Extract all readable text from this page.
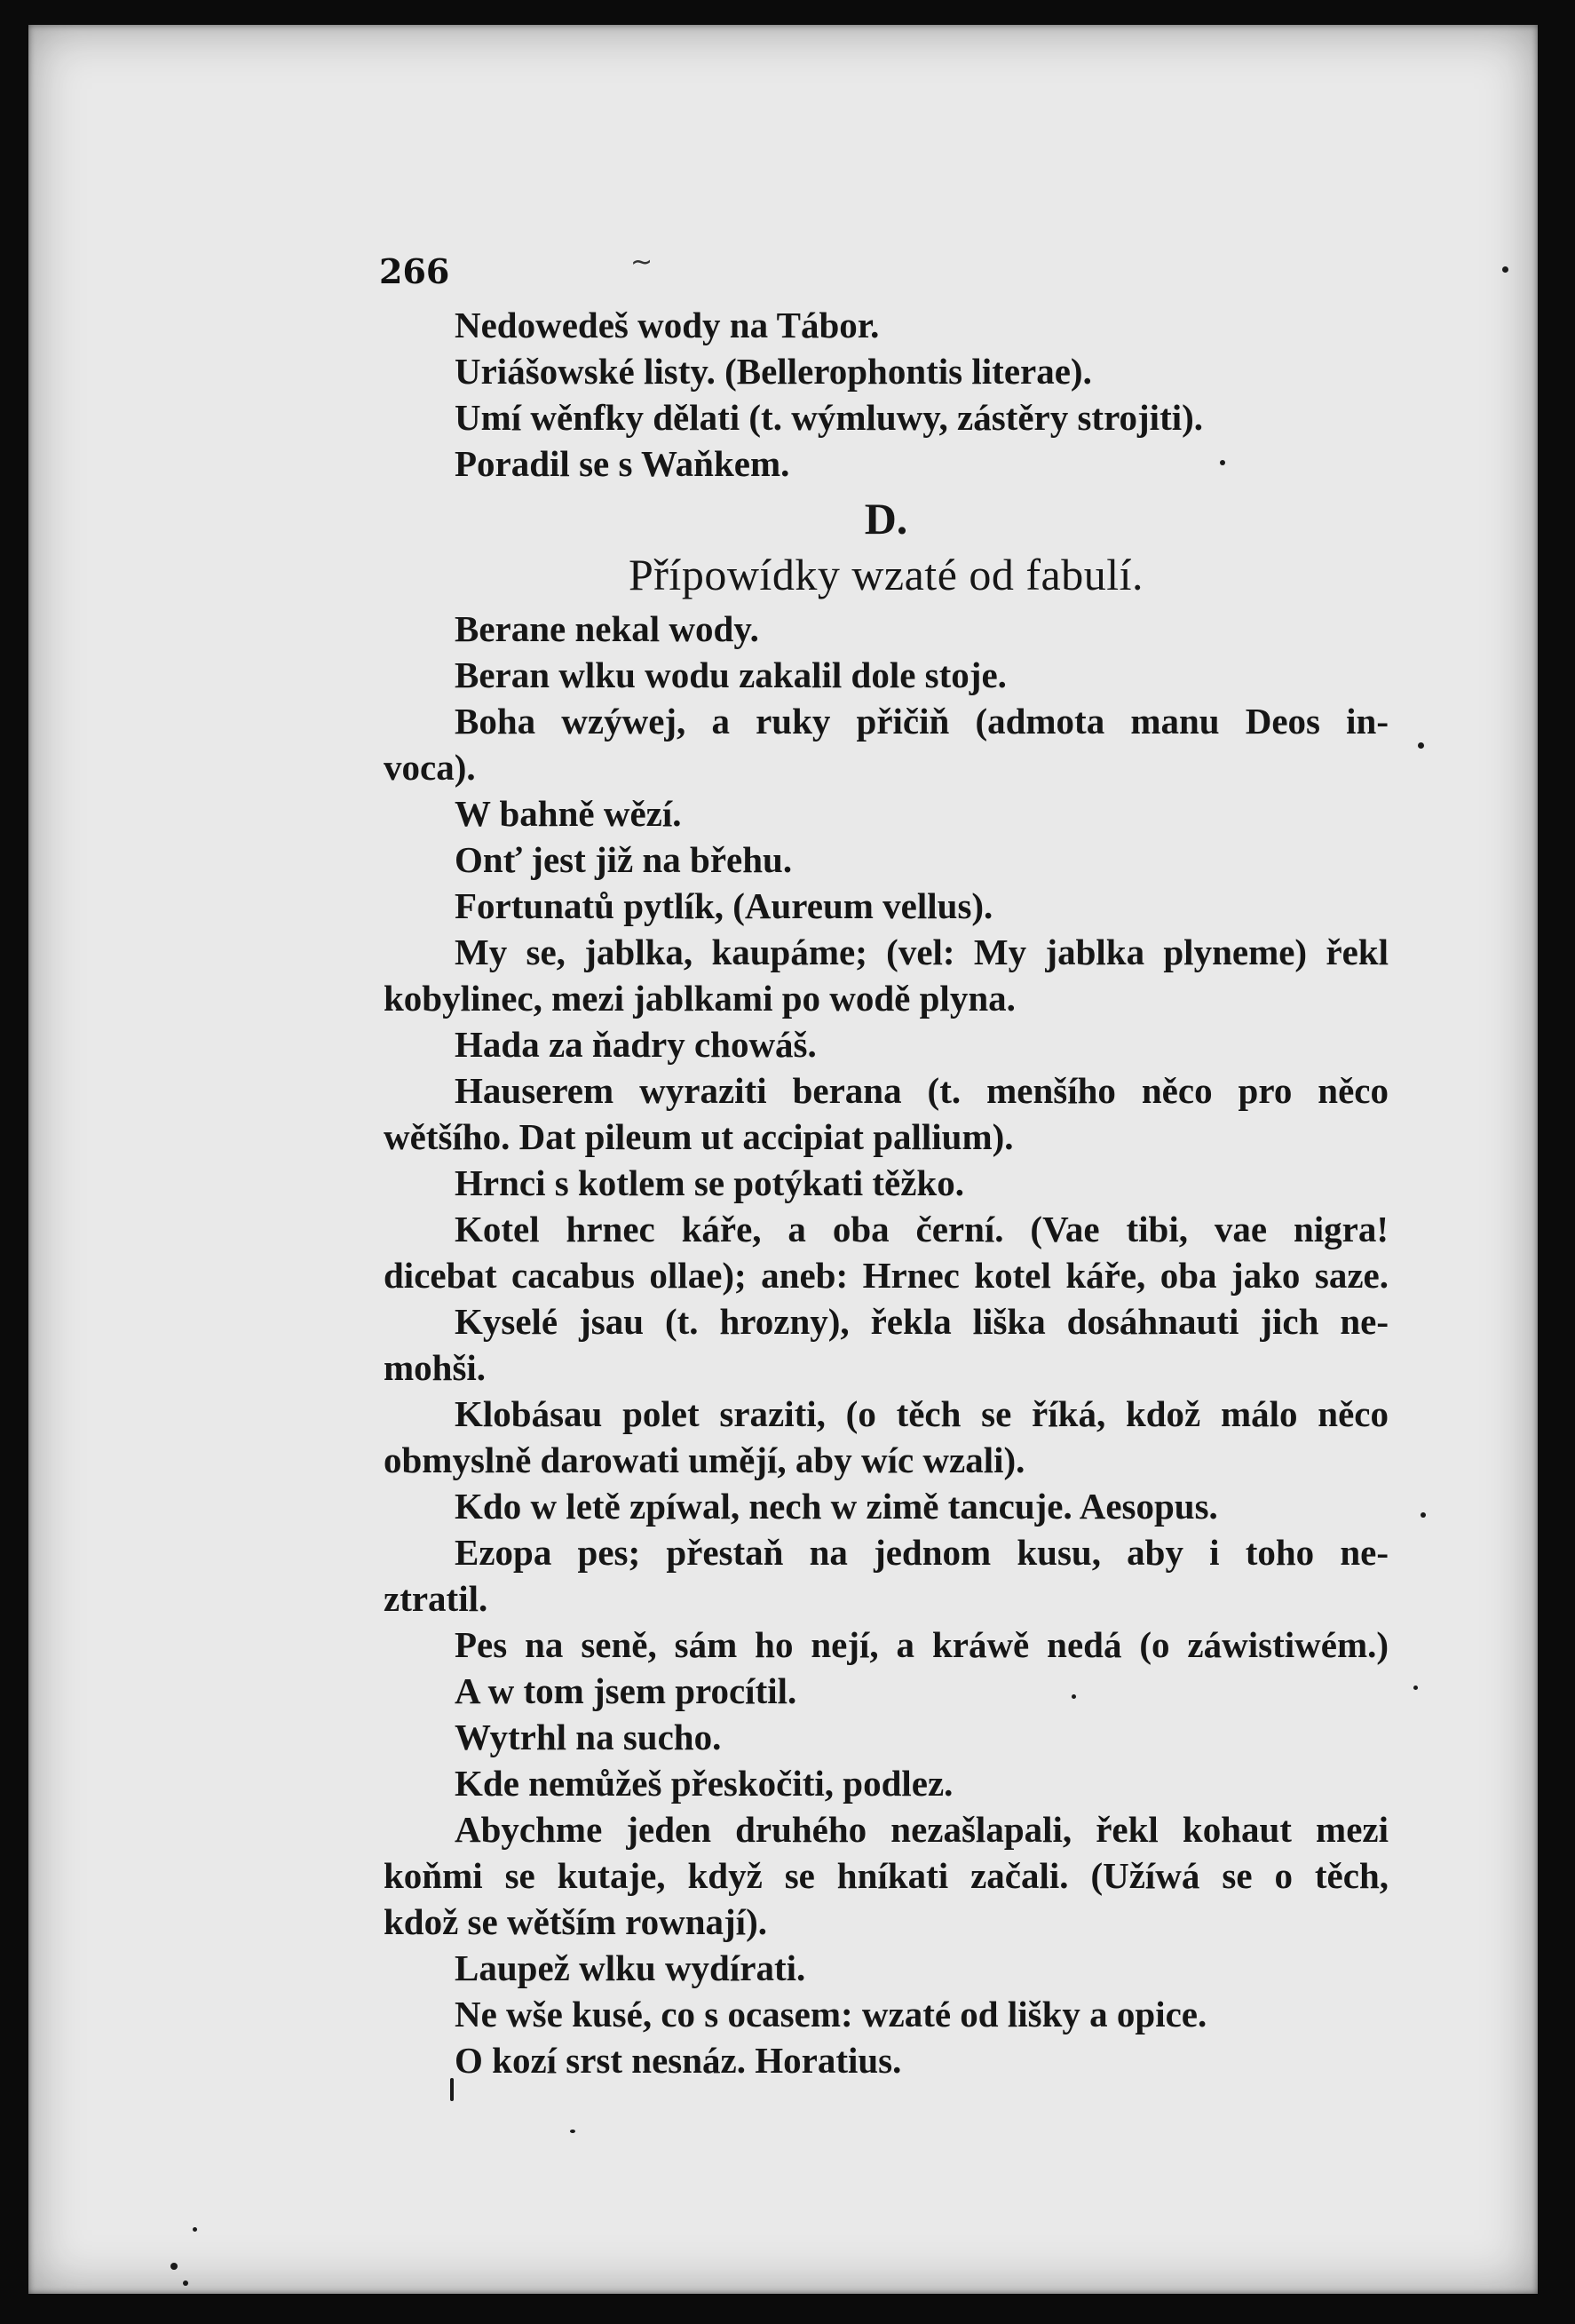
266	~
Nedowedeš wody na Tábor.
Uriášowské listy. (Bellerophontis literae).
Umí wěnfky dělati (t. wýmluwy, zástěry strojiti).
Poradil se s Waňkem.
D.
Přípowídky wzaté od fabulí.
Berane nekal wody.
Beran wlku wodu zakalil dole stoje.
Boha wzýwej, a ruky přičiň (admota manu Deos in-
voca).
W bahně wězí.
Onť jest již na břehu.
Fortunatů pytlík, (Aureum vellus).
My se, jablka, kaupáme; (vel: My jablka plyneme) řekl
kobylinec, mezi jablkami po wodě plyna.
Hada za ňadry chowáš.
Hauserem wyraziti berana (t. menšího něco pro něco
wětšího. Dat pileum ut accipiat pallium).
Hrnci s kotlem se potýkati těžko.
Kotel hrnec káře, a oba černí. (Vae tibi, vae nigra!
dicebat cacabus ollae); aneb: Hrnec kotel káře, oba jako saze.
Kyselé jsau (t. hrozny), řekla liška dosáhnauti jich ne-
mohši.
Klobásau polet sraziti, (o těch se říká, kdož málo něco
obmyslně darowati umějí, aby wíc wzali).
Kdo w letě zpíwal, nech w zimě tancuje. Aesopus.
Ezopa pes; přestaň na jednom kusu, aby i toho ne-
ztratil.
Pes na seně, sám ho nejí, a kráwě nedá (o záwistiwém.)
A w tom jsem procítil.
Wytrhl na sucho.
Kde nemůžeš přeskočiti, podlez.
Abychme jeden druhého nezašlapali, řekl kohaut mezi
koňmi se kutaje, když se hníkati začali. (Užíwá se o těch,
kdož se wětším rownají).
Laupež wlku wydírati.
Ne wše kusé, co s ocasem: wzaté od lišky a opice.
O kozí srst nesnáz. Horatius.
